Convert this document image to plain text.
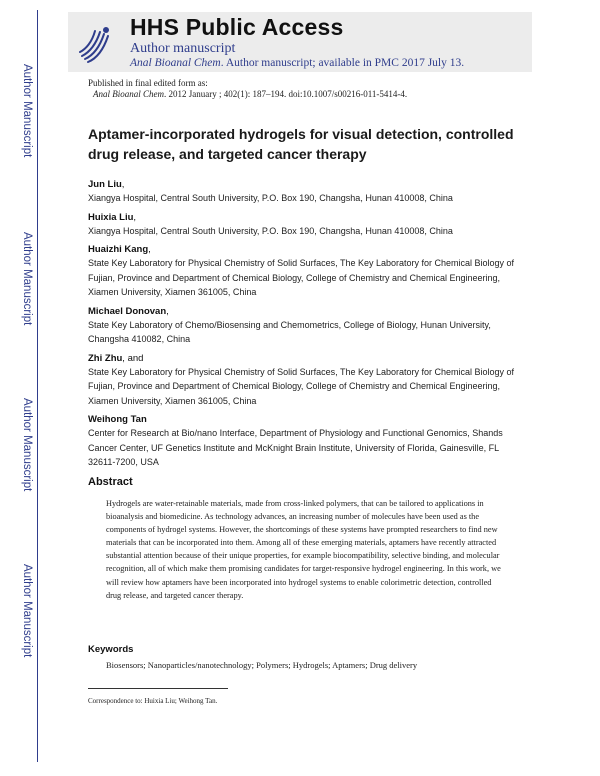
HHS Public Access
Author manuscript
Anal Bioanal Chem. Author manuscript; available in PMC 2017 July 13.
Author Manuscript
Author Manuscript
Author Manuscript
Author Manuscript
Published in final edited form as:
Anal Bioanal Chem. 2012 January ; 402(1): 187–194. doi:10.1007/s00216-011-5414-4.
Aptamer-incorporated hydrogels for visual detection, controlled drug release, and targeted cancer therapy
Jun Liu,
Xiangya Hospital, Central South University, P.O. Box 190, Changsha, Hunan 410008, China
Huixia Liu,
Xiangya Hospital, Central South University, P.O. Box 190, Changsha, Hunan 410008, China
Huaizhi Kang,
State Key Laboratory for Physical Chemistry of Solid Surfaces, The Key Laboratory for Chemical Biology of Fujian, Province and Department of Chemical Biology, College of Chemistry and Chemical Engineering, Xiamen University, Xiamen 361005, China
Michael Donovan,
State Key Laboratory of Chemo/Biosensing and Chemometrics, College of Biology, Hunan University, Changsha 410082, China
Zhi Zhu, and
State Key Laboratory for Physical Chemistry of Solid Surfaces, The Key Laboratory for Chemical Biology of Fujian, Province and Department of Chemical Biology, College of Chemistry and Chemical Engineering, Xiamen University, Xiamen 361005, China
Weihong Tan
Center for Research at Bio/nano Interface, Department of Physiology and Functional Genomics, Shands Cancer Center, UF Genetics Institute and McKnight Brain Institute, University of Florida, Gainesville, FL 32611-7200, USA
Abstract
Hydrogels are water-retainable materials, made from cross-linked polymers, that can be tailored to applications in bioanalysis and biomedicine. As technology advances, an increasing number of molecules have been used as the components of hydrogel systems. However, the shortcomings of these systems have prompted researchers to find new materials that can be incorporated into them. Among all of these emerging materials, aptamers have recently attracted substantial attention because of their unique properties, for example biocompatibility, selective binding, and molecular recognition, all of which make them promising candidates for target-responsive hydrogel engineering. In this work, we will review how aptamers have been incorporated into hydrogel systems to enable colorimetric detection, controlled drug release, and targeted cancer therapy.
Keywords
Biosensors; Nanoparticles/nanotechnology; Polymers; Hydrogels; Aptamers; Drug delivery
Correspondence to: Huixia Liu; Weihong Tan.
